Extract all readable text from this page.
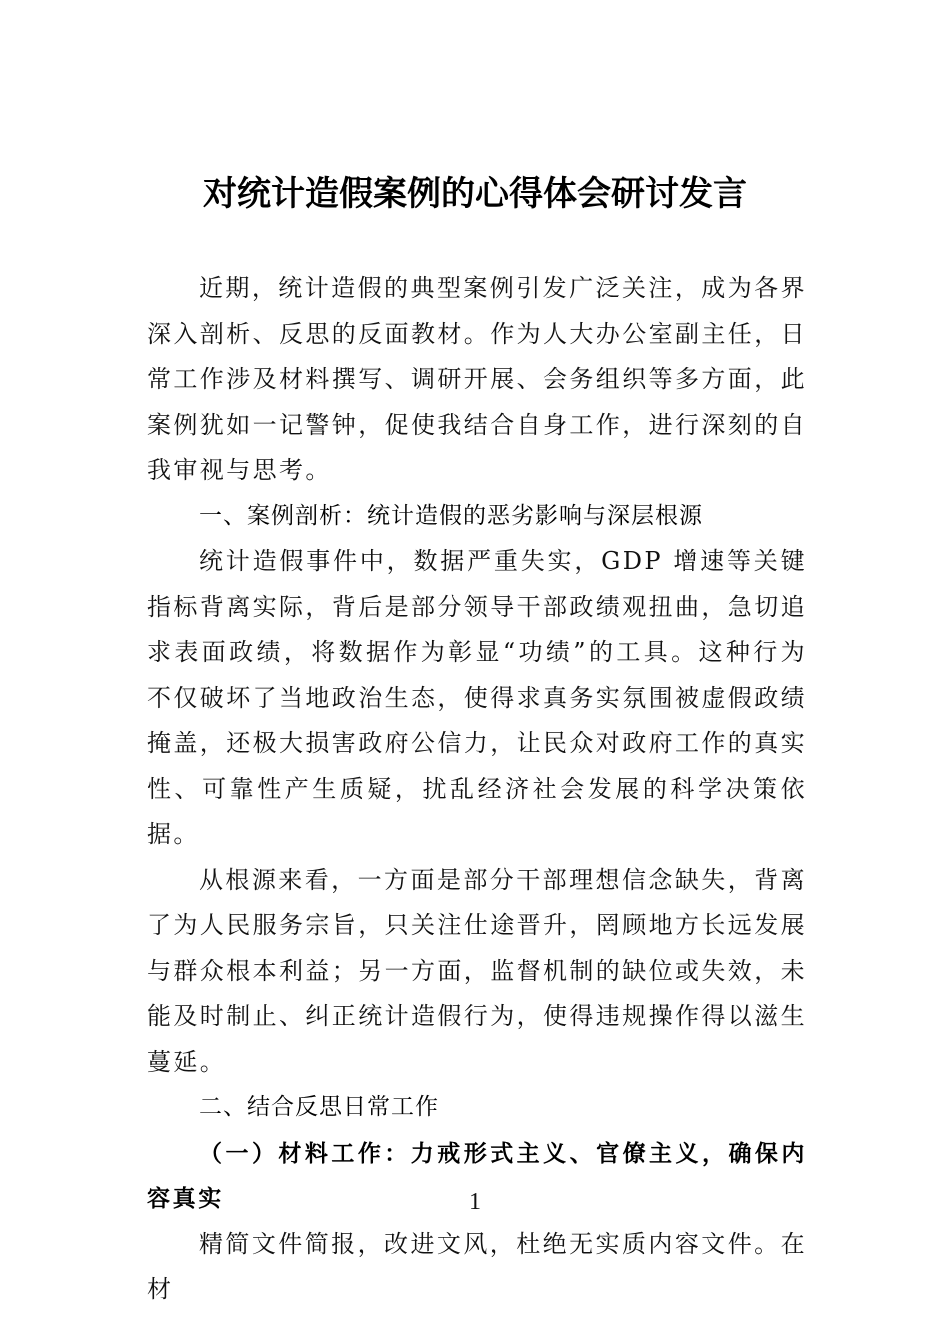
对统计造假案例的心得体会研讨发言

近期，统计造假的典型案例引发广泛关注，成为各界深入剖析、反思的反面教材。作为人大办公室副主任，日常工作涉及材料撰写、调研开展、会务组织等多方面，此案例犹如一记警钟，促使我结合自身工作，进行深刻的自我审视与思考。

一、案例剖析：统计造假的恶劣影响与深层根源

统计造假事件中，数据严重失实，GDP 增速等关键指标背离实际，背后是部分领导干部政绩观扭曲，急切追求表面政绩，将数据作为彰显“功绩”的工具。这种行为不仅破坏了当地政治生态，使得求真务实氛围被虚假政绩掩盖，还极大损害政府公信力，让民众对政府工作的真实性、可靠性产生质疑，扰乱经济社会发展的科学决策依据。

从根源来看，一方面是部分干部理想信念缺失，背离了为人民服务宗旨，只关注仕途晋升，罔顾地方长远发展与群众根本利益；另一方面，监督机制的缺位或失效，未能及时制止、纠正统计造假行为，使得违规操作得以滋生蔓延。

二、结合反思日常工作

（一）材料工作：力戒形式主义、官僚主义，确保内容真实

精简文件简报，改进文风，杜绝无实质内容文件。在材

1
